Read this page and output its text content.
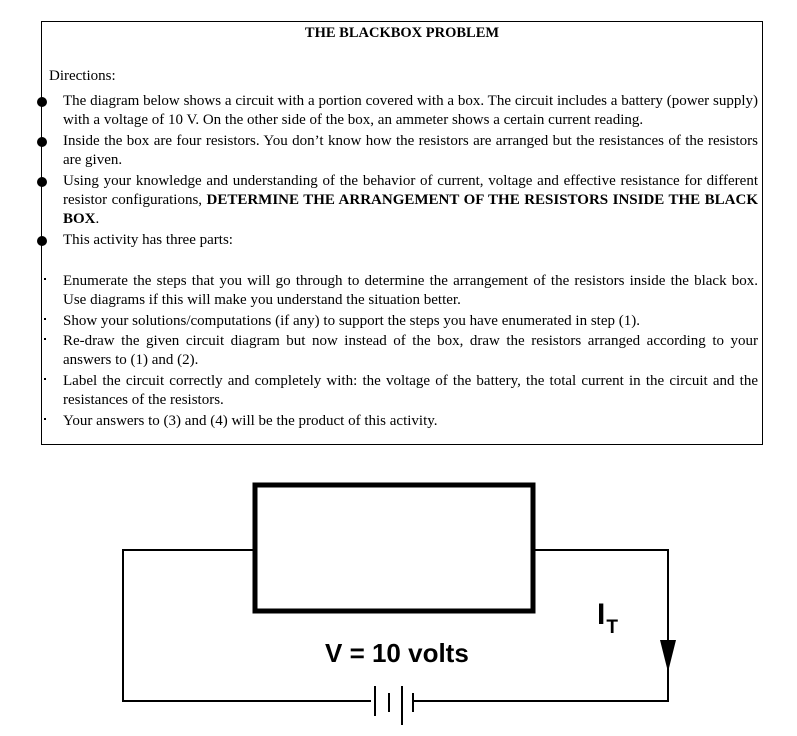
THE BLACKBOX PROBLEM
Directions:
The diagram below shows a circuit with a portion covered with a box. The circuit includes a battery (power supply) with a voltage of 10 V. On the other side of the box, an ammeter shows a certain current reading.
Inside the box are four resistors. You don’t know how the resistors are arranged but the resistances of the resistors are given.
Using your knowledge and understanding of the behavior of current, voltage and effective resistance for different resistor configurations, DETERMINE THE ARRANGEMENT OF THE RESISTORS INSIDE THE BLACK BOX.
This activity has three parts:
Enumerate the steps that you will go through to determine the arrangement of the resistors inside the black box. Use diagrams if this will make you understand the situation better.
Show your solutions/computations (if any) to support the steps you have enumerated in step (1).
Re-draw the given circuit diagram but now instead of the box, draw the resistors arranged according to your answers to (1) and (2).
Label the circuit correctly and completely with: the voltage of the battery, the total current in the circuit and the resistances of the resistors.
Your answers to (3) and (4) will be the product of this activity.
V = 10 volts
$I_T$
